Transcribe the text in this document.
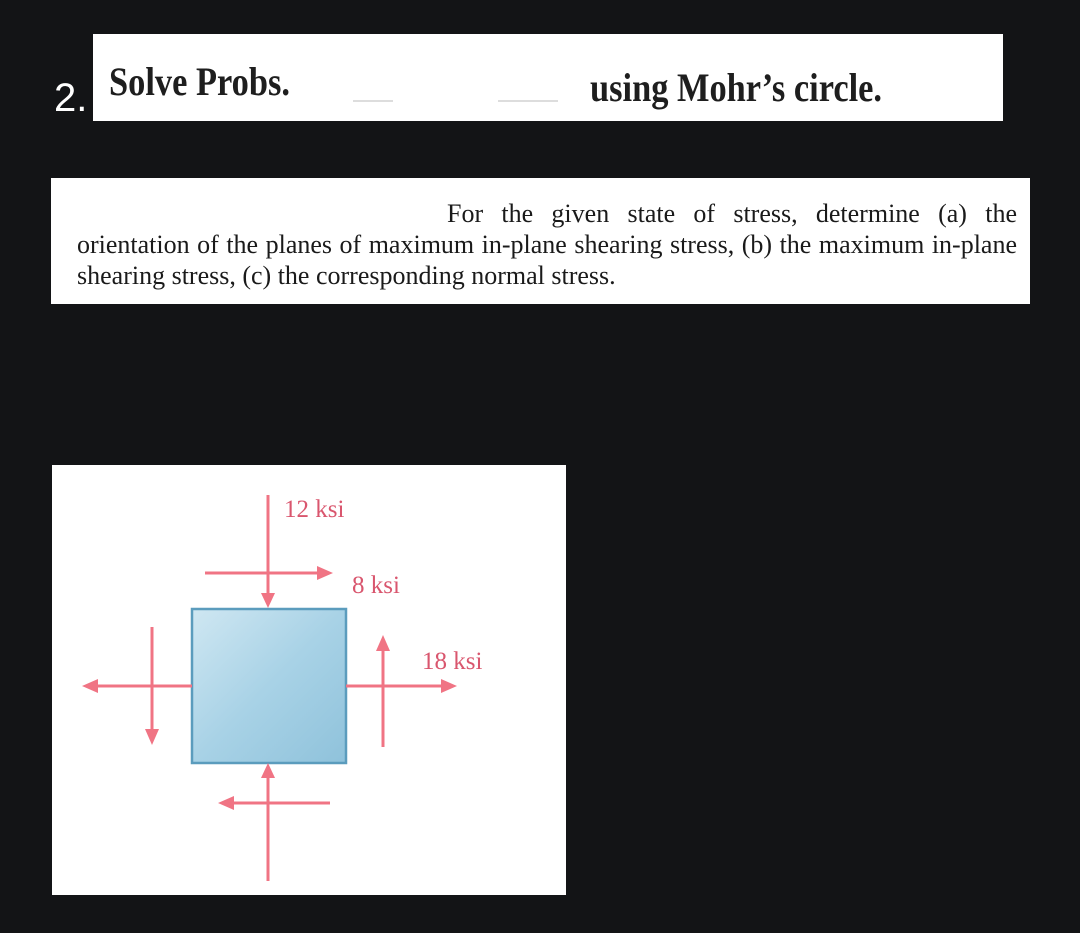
2. Solve Probs.	using Mohr’s circle.
For the given state of stress, determine (a) the orientation of the planes of maximum in-plane shearing stress, (b) the maximum in-plane shearing stress, (c) the corresponding normal stress.
12 ksi
8 ksi
18 ksi
